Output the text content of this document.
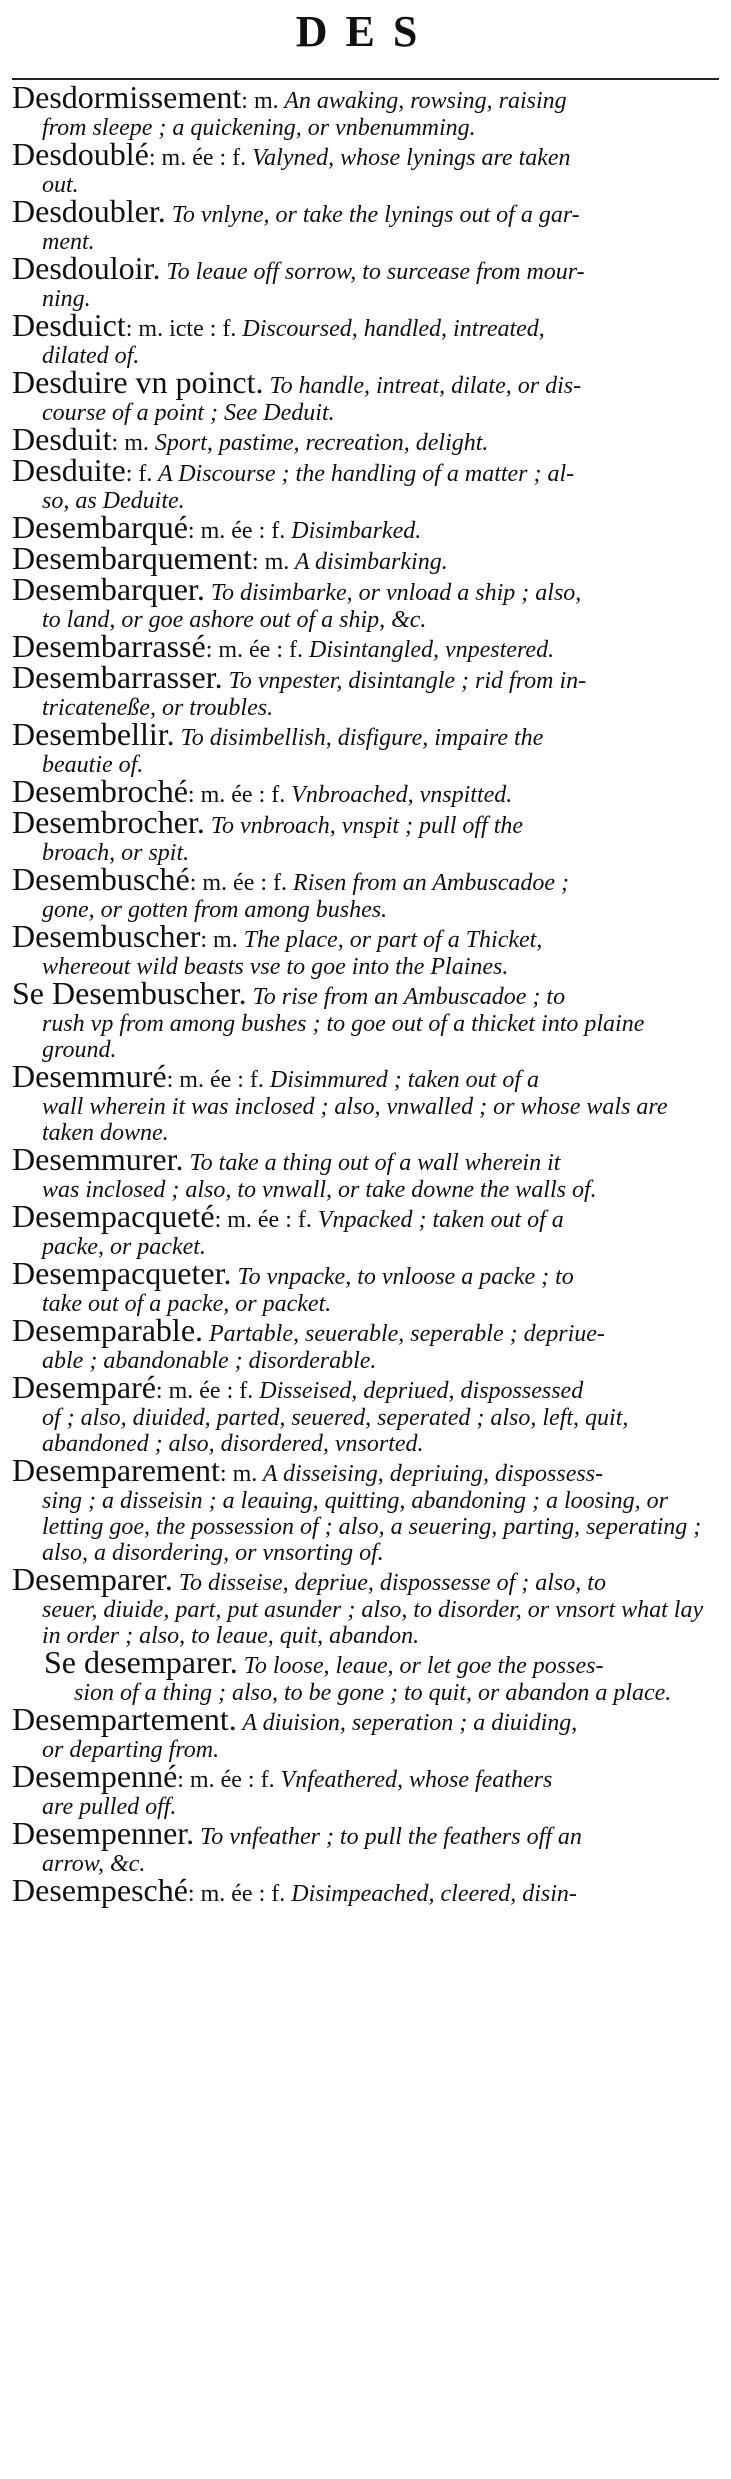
DES

Desdormissement: m. An awaking, rowsing, raising
from sleepe ; a quickening, or vnbenumming.

Desdoublé: m. ée : f. Valyned, whose lynings are taken
out.

Desdoubler. To vnlyne, or take the lynings out of a gar-
ment.

Desdouloir. To leaue off sorrow, to surcease from mour-
ning.

Desduict: m. icte : f. Discoursed, handled, intreated,
dilated of.

Desduire vn poinct. To handle, intreat, dilate, or dis-
course of a point ; See Deduit.

Desduit: m. Sport, pastime, recreation, delight.

Desduite: f. A Discourse ; the handling of a matter ; al-
so, as Deduite.

Desembarqué: m. ée : f. Disimbarked.

Desembarquement: m. A disimbarking.

Desembarquer. To disimbarke, or vnload a ship ; also,
to land, or goe ashore out of a ship, &c.

Desembarrassé: m. ée : f. Disintangled, vnpestered.

Desembarrasser. To vnpester, disintangle ; rid from in-
tricateneße, or troubles.

Desembellir. To disimbellish, disfigure, impaire the
beautie of.

Desembroché: m. ée : f. Vnbroached, vnspitted.

Desembrocher. To vnbroach, vnspit ; pull off the
broach, or spit.

Desembusché: m. ée : f. Risen from an Ambuscadoe ;
gone, or gotten from among bushes.

Desembuscher: m. The place, or part of a Thicket,
whereout wild beasts vse to goe into the Plaines.

Se Desembuscher. To rise from an Ambuscadoe ; to
rush vp from among bushes ; to goe out of a thicket into plaine ground.

Desemmuré: m. ée : f. Disimmured ; taken out of a
wall wherein it was inclosed ; also, vnwalled ; or whose wals are taken downe.

Desemmurer. To take a thing out of a wall wherein it
was inclosed ; also, to vnwall, or take downe the walls of.

Desempacqueté: m. ée : f. Vnpacked ; taken out of a
packe, or packet.

Desempacqueter. To vnpacke, to vnloose a packe ; to
take out of a packe, or packet.

Desemparable. Partable, seuerable, seperable ; depriue-
able ; abandonable ; disorderable.

Desemparé: m. ée : f. Disseised, depriued, dispossessed
of ; also, diuided, parted, seuered, seperated ; also, left, quit, abandoned ; also, disordered, vnsorted.

Desemparement: m. A disseising, depriuing, dispossess-
sing ; a disseisin ; a leauing, quitting, abandoning ; a loosing, or letting goe, the possession of ; also, a seuering, parting, seperating ; also, a disordering, or vnsorting of.

Desemparer. To disseise, depriue, dispossesse of ; also, to
seuer, diuide, part, put asunder ; also, to disorder, or vnsort what lay in order ; also, to leaue, quit, abandon.

Se desemparer. To loose, leaue, or let goe the posses-
sion of a thing ; also, to be gone ; to quit, or abandon a place.

Desempartement. A diuision, seperation ; a diuiding,
or departing from.

Desempenné: m. ée : f. Vnfeathered, whose feathers
are pulled off.

Desempenner. To vnfeather ; to pull the feathers off an
arrow, &c.

Desempesché: m. ée : f. Disimpeached, cleered, disin-
